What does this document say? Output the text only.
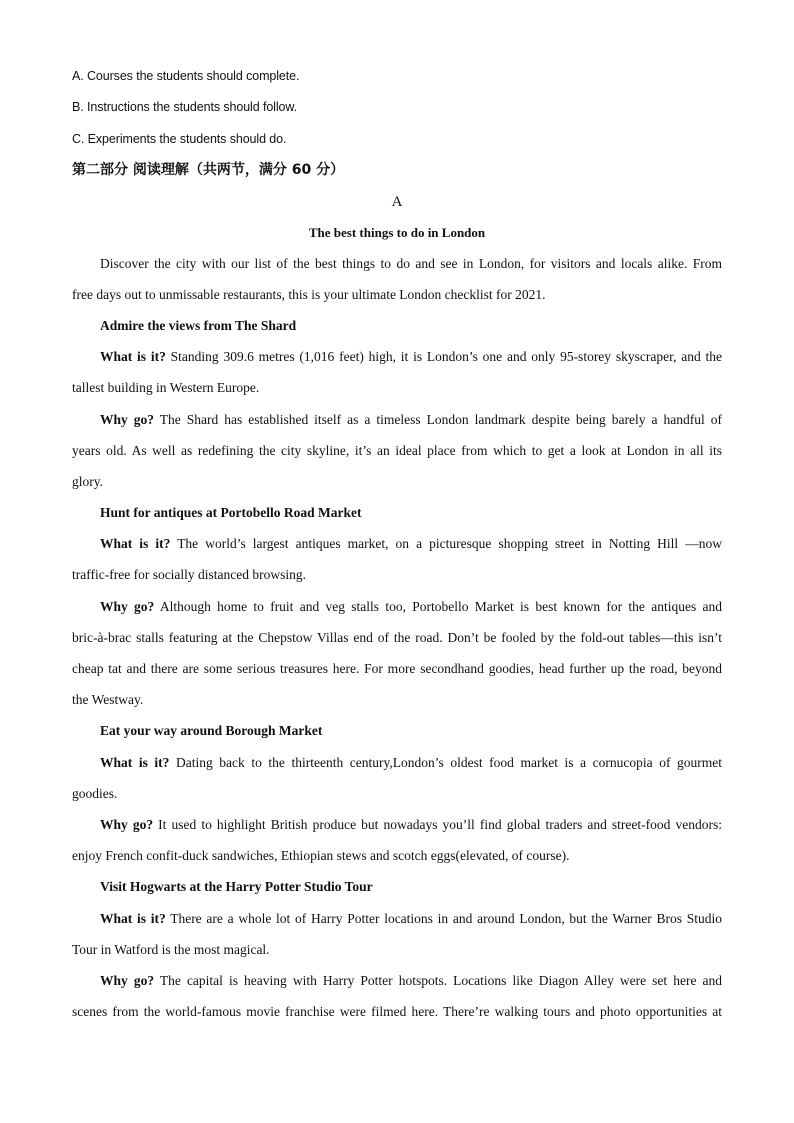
A. Courses the students should complete.
B. Instructions the students should follow.
C. Experiments the students should do.
第二部分 阅读理解（共两节，满分 60 分）
A
The best things to do in London
Discover the city with our list of the best things to do and see in London, for visitors and locals alike. From
free days out to unmissable restaurants, this is your ultimate London checklist for 2021.
Admire the views from The Shard
What is it? Standing 309.6 metres (1,016 feet) high, it is London’s one and only 95-storey skyscraper, and the
tallest building in Western Europe.
Why go? The Shard has established itself as a timeless London landmark despite being barely a handful of
years old. As well as redefining the city skyline, it’s an ideal place from which to get a look at London in all its
glory.
Hunt for antiques at Portobello Road Market
What is it? The world’s largest antiques market, on a picturesque shopping street in Notting Hill —now
traffic-free for socially distanced browsing.
Why go? Although home to fruit and veg stalls too, Portobello Market is best known for the antiques and
bric-à-brac stalls featuring at the Chepstow Villas end of the road. Don’t be fooled by the fold-out tables—this isn’t
cheap tat and there are some serious treasures here. For more secondhand goodies, head further up the road, beyond
the Westway.
Eat your way around Borough Market
What is it? Dating back to the thirteenth century,London’s oldest food market is a cornucopia of gourmet
goodies.
Why go? It used to highlight British produce but nowadays you’ll find global traders and street-food vendors:
enjoy French confit-duck sandwiches, Ethiopian stews and scotch eggs(elevated, of course).
Visit Hogwarts at the Harry Potter Studio Tour
What is it? There are a whole lot of Harry Potter locations in and around London, but the Warner Bros Studio
Tour in Watford is the most magical.
Why go? The capital is heaving with Harry Potter hotspots. Locations like Diagon Alley were set here and
scenes from the world-famous movie franchise were filmed here. There’re walking tours and photo opportunities at
